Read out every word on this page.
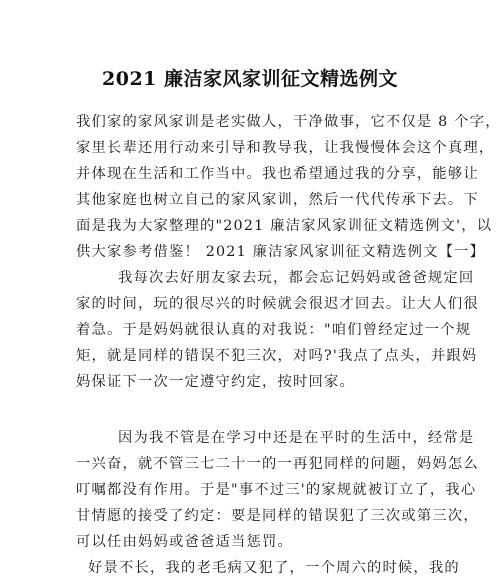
2021 廉洁家风家训征文精选例文
我们家的家风家训是老实做人，干净做事，它不仅是 8 个字，
家里长辈还用行动来引导和教导我，让我慢慢体会这个真理，
并体现在生活和工作当中。我也希望通过我的分享，能够让
其他家庭也树立自己的家风家训，然后一代代传承下去。下
面是我为大家整理的"2021 廉洁家风家训征文精选例文'，以
供大家参考借鉴！ 2021 廉洁家风家训征文精选例文【一】
我每次去好朋友家去玩，都会忘记妈妈或爸爸规定回
家的时间，玩的很尽兴的时候就会很迟才回去。让大人们很
着急。于是妈妈就很认真的对我说："咱们曾经定过一个规
矩，就是同样的错误不犯三次，对吗?'我点了点头，并跟妈
妈保证下一次一定遵守约定，按时回家。
因为我不管是在学习中还是在平时的生活中，经常是
一兴奋，就不管三七二十一的一再犯同样的问题，妈妈怎么
叮嘱都没有作用。于是"事不过三'的家规就被订立了，我心
甘情愿的接受了约定：要是同样的错误犯了三次或第三次，
可以任由妈妈或爸爸适当惩罚。
好景不长，我的老毛病又犯了，一个周六的时候，我的
